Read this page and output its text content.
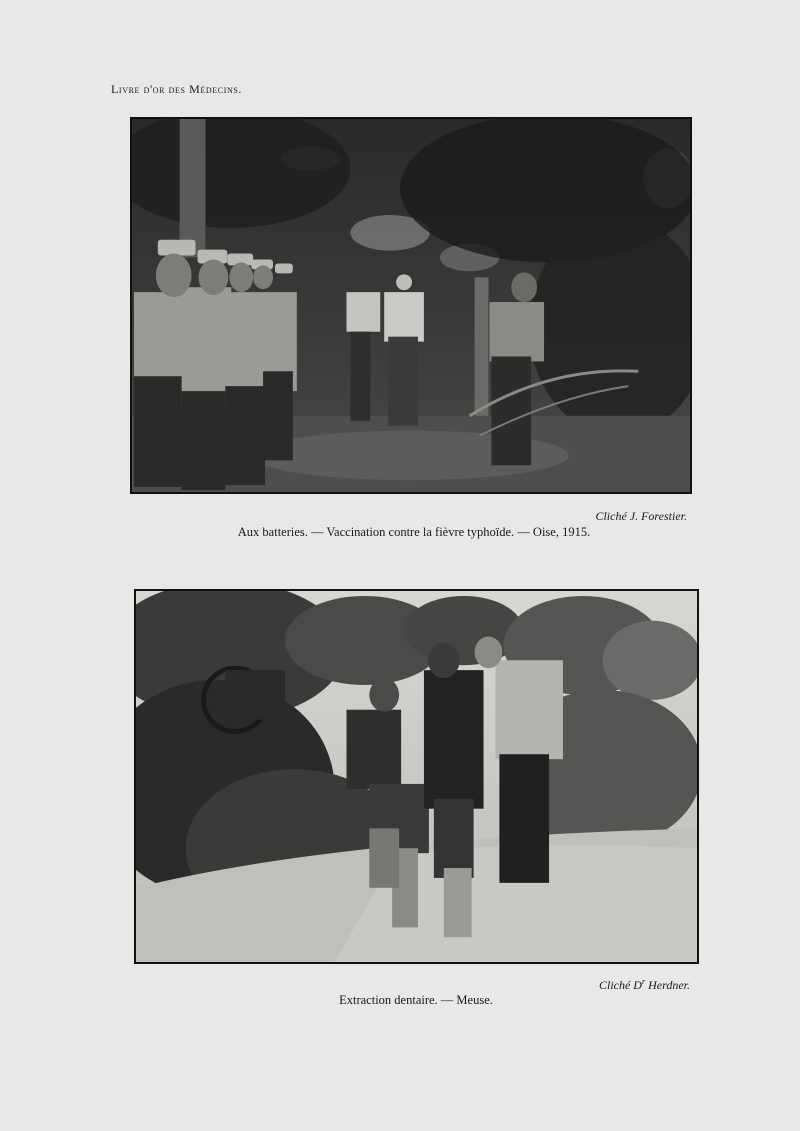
Livre d'or des Médecins.
Cliché J. Forestier.
Aux batteries. — Vaccination contre la fièvre typhoïde. — Oise, 1915.
Cliché $D^r$ Herdner.
Extraction dentaire. — Meuse.
